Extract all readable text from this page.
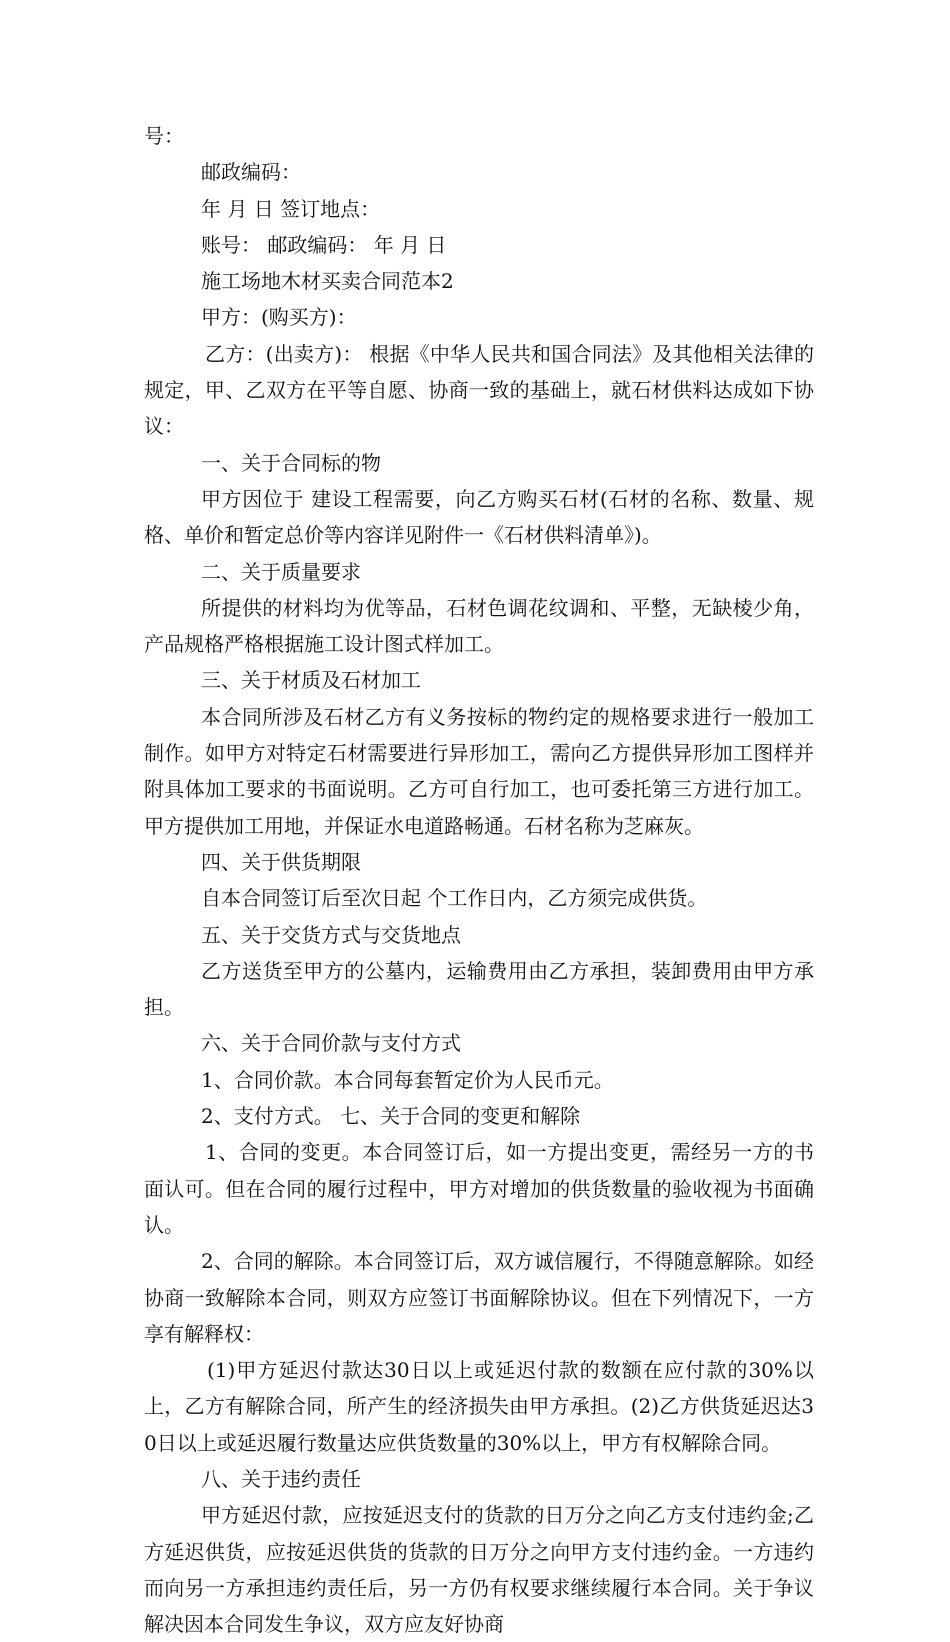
号：

邮政编码：

年 月 日 签订地点：

账号： 邮政编码： 年 月 日

施工场地木材买卖合同范本2

甲方：(购买方)：

乙方：(出卖方)： 根据《中华人民共和国合同法》及其他相关法律的规定，甲、乙双方在平等自愿、协商一致的基础上，就石材供料达成如下协议：

一、关于合同标的物

甲方因位于 建设工程需要，向乙方购买石材(石材的名称、数量、规格、单价和暂定总价等内容详见附件一《石材供料清单》)。

二、关于质量要求

所提供的材料均为优等品，石材色调花纹调和、平整，无缺棱少角，产品规格严格根据施工设计图式样加工。

三、关于材质及石材加工

本合同所涉及石材乙方有义务按标的物约定的规格要求进行一般加工制作。如甲方对特定石材需要进行异形加工，需向乙方提供异形加工图样并附具体加工要求的书面说明。乙方可自行加工，也可委托第三方进行加工。甲方提供加工用地，并保证水电道路畅通。石材名称为芝麻灰。

四、关于供货期限

自本合同签订后至次日起 个工作日内，乙方须完成供货。

五、关于交货方式与交货地点

乙方送货至甲方的公墓内，运输费用由乙方承担，装卸费用由甲方承担。

六、关于合同价款与支付方式

1、合同价款。本合同每套暂定价为人民币元。

2、支付方式。 七、关于合同的变更和解除

1、合同的变更。本合同签订后，如一方提出变更，需经另一方的书面认可。但在合同的履行过程中，甲方对增加的供货数量的验收视为书面确认。

2、合同的解除。本合同签订后，双方诚信履行，不得随意解除。如经协商一致解除本合同，则双方应签订书面解除协议。但在下列情况下，一方享有解释权：

(1)甲方延迟付款达30日以上或延迟付款的数额在应付款的30%以上，乙方有解除合同，所产生的经济损失由甲方承担。(2)乙方供货延迟达30日以上或延迟履行数量达应供货数量的30%以上，甲方有权解除合同。

八、关于违约责任

甲方延迟付款，应按延迟支付的货款的日万分之向乙方支付违约金;乙方延迟供货，应按延迟供货的货款的日万分之向甲方支付违约金。一方违约而向另一方承担违约责任后，另一方仍有权要求继续履行本合同。关于争议解决因本合同发生争议，双方应友好协商
